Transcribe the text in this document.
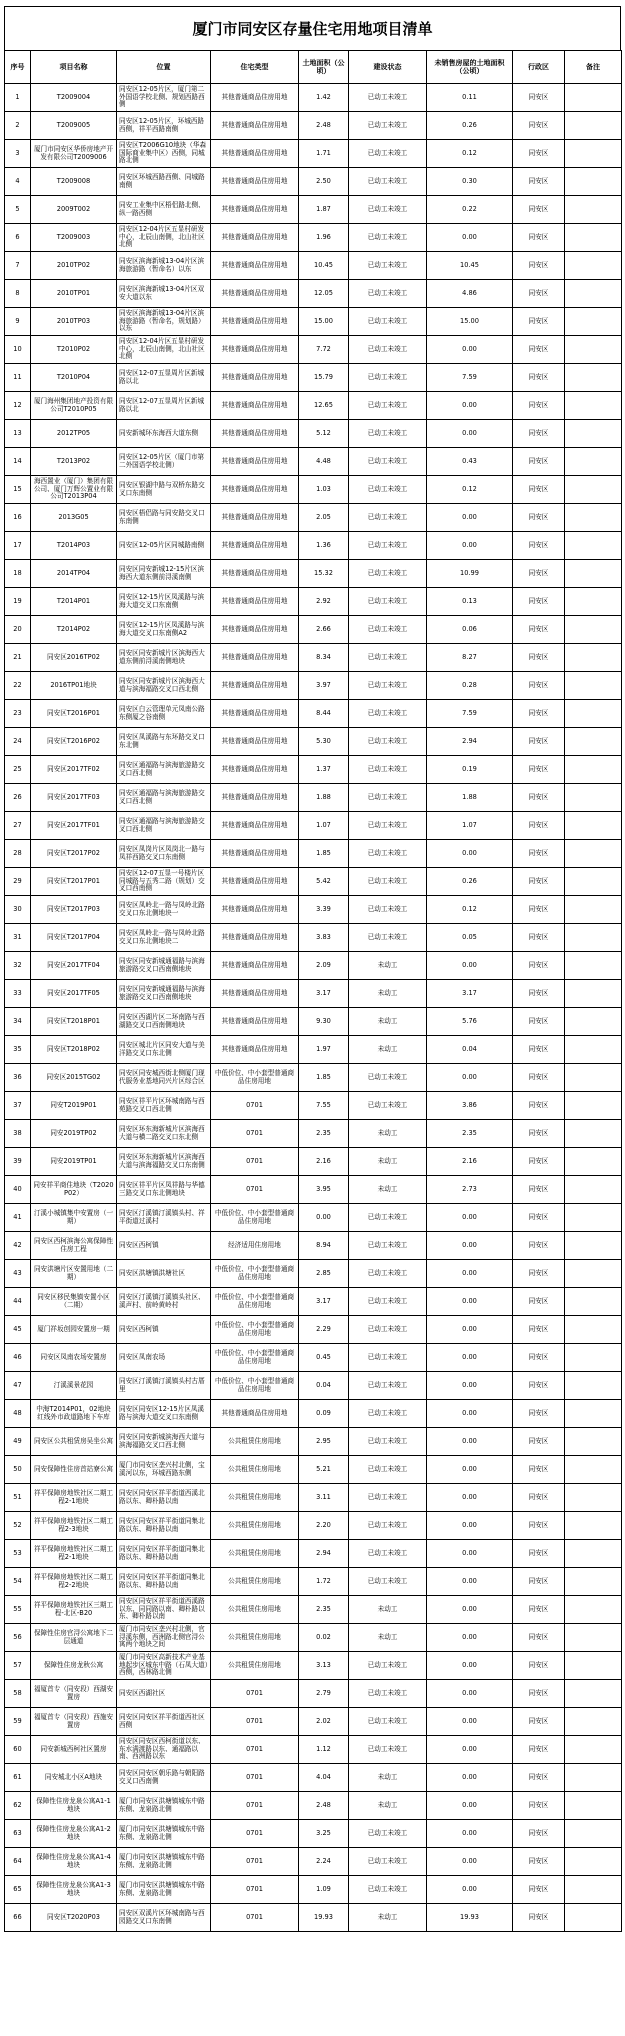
厦门市同安区存量住宅用地项目清单
序号	项目名称	位置	住宅类型	土地面积（公顷）	建设状态	未销售房屋的土地面积（公顷）	行政区	备注
1	T2009004	同安区12-05片区，厦门第二外国语学校北侧、规划西路西侧	其他普通商品住房用地	1.42	已动工未竣工	0.11	同安区	
2	T2009005	同安区12-05片区，环城西路西侧，祥平西路南侧	其他普通商品住房用地	2.48	已动工未竣工	0.26	同安区	
3	厦门市同安区华侨房地产开发有限公司T2009006	同安区T2006G10地块（华森国际商业集中区）西侧，同城路北侧	其他普通商品住房用地	1.71	已动工未竣工	0.12	同安区	
4	T2009008	同安区环城西路西侧、同城路南侧	其他普通商品住房用地	2.50	已动工未竣工	0.30	同安区	
5	2009T002	同安工业集中区梧侣路北侧、纵一路西侧	其他普通商品住房用地	1.87	已动工未竣工	0.22	同安区	
6	T2009003	同安区12-04片区五显村研发中心，北辰山南侧，北山社区北侧	其他普通商品住房用地	1.96	已动工未竣工	0.00	同安区	
7	2010TP02	同安区滨海新城13-04片区滨海旅游路（暂命名）以东	其他普通商品住房用地	10.45	已动工未竣工	10.45	同安区	
8	2010TP01	同安区滨海新城13-04片区双安大道以东	其他普通商品住房用地	12.05	已动工未竣工	4.86	同安区	
9	2010TP03	同安区滨海新城13-04片区滨海旅游路（暂命名，规划路）以东	其他普通商品住房用地	15.00	已动工未竣工	15.00	同安区	
10	T2010P02	同安区12-04片区五显村研发中心，北辰山南侧，北山社区北侧	其他普通商品住房用地	7.72	已动工未竣工	0.00	同安区	
11	T2010P04	同安区12-07五显周片区新城路以北	其他普通商品住房用地	15.79	已动工未竣工	7.59	同安区	
12	厦门海州集团地产投资有限公司T2010P05	同安区12-07五显周片区新城路以北	其他普通商品住房用地	12.65	已动工未竣工	0.00	同安区	
13	2012TP05	同安新城环东海西大道东侧	其他普通商品住房用地	5.12	已动工未竣工	0.00	同安区	
14	T2013P02	同安区12-05片区（厦门市第二外国语学校北侧）	其他普通商品住房用地	4.48	已动工未竣工	0.43	同安区	
15	海西置业（厦门）集团有限公司、厦门万辉公置业有限公司T2013P04	同安区银湖中路与双桥东路交叉口东南侧	其他普通商品住房用地	1.03	已动工未竣工	0.12	同安区	
16	2013G05	同安区梧侣路与同安路交叉口东南侧	其他普通商品住房用地	2.05	已动工未竣工	0.00	同安区	
17	T2014P03	同安区12-05片区同城路南侧	其他普通商品住房用地	1.36	已动工未竣工	0.00	同安区	
18	2014TP04	同安区同安新城12-15片区滨海西大道东侧前浔溪南侧	其他普通商品住房用地	15.32	已动工未竣工	10.99	同安区	
19	T2014P01	同安区12-15片区凤溪路与滨海大道交叉口东南侧	其他普通商品住房用地	2.92	已动工未竣工	0.13	同安区	
20	T2014P02	同安区12-15片区凤溪路与滨海大道交叉口东南侧A2	其他普通商品住房用地	2.66	已动工未竣工	0.06	同安区	
21	同安区2016TP02	同安区同安新城片区滨海西大道东侧前浔溪南侧地块	其他普通商品住房用地	8.34	已动工未竣工	8.27	同安区	
22	2016TP01地块	同安区同安新城片区滨海西大道与滨海福路交叉口西北侧	其他普通商品住房用地	3.97	已动工未竣工	0.28	同安区	
23	同安区T2016P01	同安区白云管理单元凤南公路东侧厦之谷南侧	其他普通商品住房用地	8.44	已动工未竣工	7.59	同安区	
24	同安区T2016P02	同安区凤溪路与东环路交叉口东北侧	其他普通商品住房用地	5.30	已动工未竣工	2.94	同安区	
25	同安区2017TF02	同安区通福路与滨海旅游路交叉口西北侧	其他普通商品住房用地	1.37	已动工未竣工	0.19	同安区	
26	同安区2017TF03	同安区通福路与滨海旅游路交叉口西北侧	其他普通商品住房用地	1.88	已动工未竣工	1.88	同安区	
27	同安区2017TF01	同安区通福路与滨海旅游路交叉口西北侧	其他普通商品住房用地	1.07	已动工未竣工	1.07	同安区	
28	同安区T2017P02	同安区凤岗片区凤岗北一路与凤祥西路交叉口东南侧	其他普通商品住房用地	1.85	已动工未竣工	0.00	同安区	
29	同安区T2017P01	同安区12-07五显一号楼片区同城路与五秀二路（规划）交叉口西南侧	其他普通商品住房用地	5.42	已动工未竣工	0.26	同安区	
30	同安区T2017P03	同安区凤岭北一路与凤岭北路交叉口东北侧地块一	其他普通商品住房用地	3.39	已动工未竣工	0.12	同安区	
31	同安区T2017P04	同安区凤岭北一路与凤岭北路交叉口东北侧地块二	其他普通商品住房用地	3.83	已动工未竣工	0.05	同安区	
32	同安区2017TF04	同安区同安新城通福路与滨海旅游路交叉口西南侧地块	其他普通商品住房用地	2.09	未动工	0.00	同安区	
33	同安区2017TF05	同安区同安新城通福路与滨海旅游路交叉口西南侧地块	其他普通商品住房用地	3.17	未动工	3.17	同安区	
34	同安区T2018P01	同安区西湖片区二环南路与西湖路交叉口西南侧地块	其他普通商品住房用地	9.30	未动工	5.76	同安区	
35	同安区T2018P02	同安区城北片区同安大道与美洋路交叉口东北侧	其他普通商品住房用地	1.97	未动工	0.04	同安区	
36	同安区2015TG02	同安区同安城西街北侧厦门现代服务业基地同兴片区综合区	中低价位、中小套型普通商品住房用地	1.85	已动工未竣工	0.00	同安区	
37	同安T2019P01	同安区祥平片区环城南路与西苑路交叉口西北侧	0701	7.55	已动工未竣工	3.86	同安区	
38	同安2019TP02	同安区环东海新城片区滨海西大道与横二路交叉口东北侧	0701	2.35	未动工	2.35	同安区	
39	同安2019TP01	同安区环东海新城片区滨海西大道与滨海福路交叉口东南侧	0701	2.16	未动工	2.16	同安区	
40	同安祥平商住地块（T2020P02）	同安区祥平片区凤祥路与华德三路交叉口东北侧地块	0701	3.95	未动工	2.73	同安区	
41	汀溪小城镇集中安置房（一期）	同安区汀溪镇汀溪镇头村、祥平街道过溪村	中低价位、中小套型普通商品住房用地	0.00	已动工未竣工	0.00	同安区	
42	同安区西柯滨海公寓保障性住房工程	同安区西柯镇	经济适用住房用地	8.94	已动工未竣工	0.00	同安区	
43	同安洪塘片区安置用地（二期）	同安区洪塘镇洪塘社区	中低价位、中小套型普通商品住房用地	2.85	已动工未竣工	0.00	同安区	
44	同安区移民集镇安置小区（二期）	同安区汀溪镇汀溪镇头社区、溪声村、前岭黄岭村	中低价位、中小套型普通商品住房用地	3.17	已动工未竣工	0.00	同安区	
45	厦门祥坂创园安置房一期	同安区西柯镇	中低价位、中小套型普通商品住房用地	2.29	已动工未竣工	0.00	同安区	
46	同安区凤南农场安置房	同安区凤南农场	中低价位、中小套型普通商品住房用地	0.45	已动工未竣工	0.00	同安区	
47	汀溪溪景花园	同安区汀溪镇汀溪镇头村古厝里	中低价位、中小套型普通商品住房用地	0.04	已动工未竣工	0.00	同安区	
48	中海T2014P01，02地块红线外市政道路地下车库	同安区同安区12-15片区凤溪路与滨海大道交叉口东南侧	其他普通商品住房用地	0.09	已动工未竣工	0.00	同安区	
49	同安区公共租赁房吴坐公寓	同安区同安新城滨海西大道与滨海福路交叉口西北侧	公共租赁住房用地	2.95	已动工未竣工	0.00	同安区	
50	同安保障性住房首站寮公寓	厦门市同安区垄兴村北侧，宝溪河以东，环城西路东侧	公共租赁住房用地	5.21	已动工未竣工	0.00	同安区	
51	祥平保障房地铁社区二期工程2-1地块	同安区同安区祥平街道西溪北路以东、卿朴路以南	公共租赁住房用地	3.11	已动工未竣工	0.00	同安区	
52	祥平保障房地铁社区二期工程2-3地块	同安区同安区祥平街道同集北路以东、卿朴路以南	公共租赁住房用地	2.20	已动工未竣工	0.00	同安区	
53	祥平保障房地铁社区二期工程2-1地块	同安区同安区祥平街道同集北路以东、卿朴路以南	公共租赁住房用地	2.94	已动工未竣工	0.00	同安区	
54	祥平保障房地铁社区二期工程2-2地块	同安区同安区祥平街道同集北路以东、卿朴路以南	公共租赁住房用地	1.72	已动工未竣工	0.00	同安区	
55	祥平保障房地铁社区三期工程-北区-B20	同安区同安区祥平街道西溪路以东、同同路以南、卿朴路以东、卿朴路以南	公共租赁住房用地	2.35	未动工	0.00	同安区	
56	保障性住房官浔公寓地下二层通道	厦门市同安区垄兴村北侧，官浔溪东侧，西洲路北侧官浔公寓两个地块之间	公共租赁住房用地	0.02	未动工	0.00	同安区	
57	保障性住房龙秋公寓	厦门市同安区高新技术产业基地起步区城东中路（石凤大道）西侧，西林路北侧	公共租赁住房用地	3.13	已动工未竣工	0.00	同安区	
58	福厦首专（同安段）西湖安置房	同安区西湖社区	0701	2.79	已动工未竣工	0.00	同安区	
59	福厦首专（同安段）西施安置房	同安区同安区祥平街道西社区西侧	0701	2.02	已动工未竣工	0.00	同安区	
60	同安新城西柯社区置房	同安区同安区西柯街道以东、东水满渡路以东、通福路以南、西洲路以东	0701	1.12	已动工未竣工	0.00	同安区	
61	同安城北小区A地块	同安区同安区朝乐路与朝阳路交叉口西南侧	0701	4.04	未动工	0.00	同安区	
62	保障性住房龙泉公寓A1-1地块	厦门市同安区洪塘镇城东中路东侧、龙泉路北侧	0701	2.48	未动工	0.00	同安区	
63	保障性住房龙泉公寓A1-2地块	厦门市同安区洪塘镇城东中路东侧、龙泉路北侧	0701	3.25	已动工未竣工	0.00	同安区	
64	保障性住房龙泉公寓A1-4地块	厦门市同安区洪塘镇城东中路东侧、龙泉路北侧	0701	2.24	已动工未竣工	0.00	同安区	
65	保障性住房龙泉公寓A1-3地块	厦门市同安区洪塘镇城东中路东侧、龙泉路北侧	0701	1.09	已动工未竣工	0.00	同安区	
66	同安区T2020P03	同安区双溪片区环城南路与西园路交叉口东南侧	0701	19.93	未动工	19.93	同安区	
